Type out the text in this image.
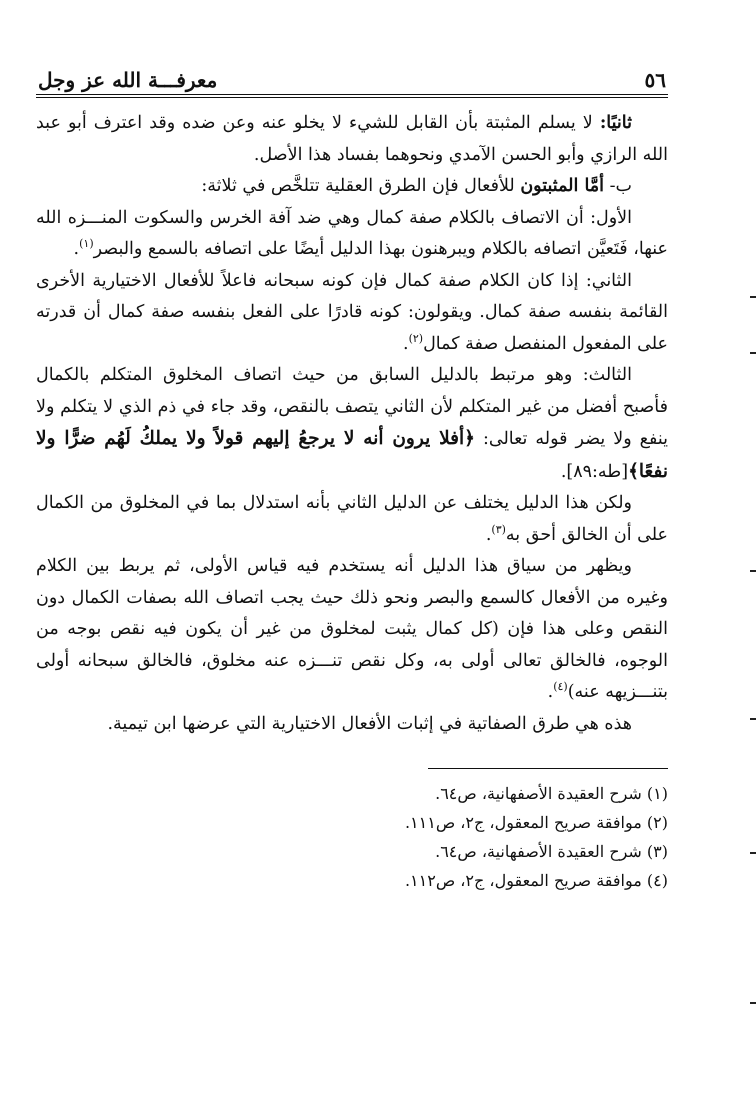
٥٦
معرفـــة الله عز وجل

ثانيًا: لا يسلم المثبتة بأن القابل للشيء لا يخلو عنه وعن ضده وقد اعترف أبو عبد الله الرازي وأبو الحسن الآمدي ونحوهما بفساد هذا الأصل.

ب- أمَّا المثبتون للأفعال فإن الطرق العقلية تتلخَّص في ثلاثة:

الأول: أن الاتصاف بالكلام صفة كمال وهي ضد آفة الخرس والسكوت المنـــزه الله عنها، فَتَعيَّن اتصافه بالكلام ويبرهنون بهذا الدليل أيضًا على اتصافه بالسمع والبصر$^{(١)}$.

الثاني: إذا كان الكلام صفة كمال فإن كونه سبحانه فاعلاً للأفعال الاختيارية الأخرى القائمة بنفسه صفة كمال. ويقولون: كونه قادرًا على الفعل بنفسه صفة كمال أن قدرته على المفعول المنفصل صفة كمال$^{(٢)}$.

الثالث: وهو مرتبط بالدليل السابق من حيث اتصاف المخلوق المتكلم بالكمال فأصبح أفضل من غير المتكلم لأن الثاني يتصف بالنقص، وقد جاء في ذم الذي لا يتكلم ولا ينفع ولا يضر قوله تعالى: ﴿أفلا يرون أنه لا يرجعُ إليهم قولاً ولا يملكُ لَهُم ضرًّا ولا نفعًا﴾[طه:٨٩].

ولكن هذا الدليل يختلف عن الدليل الثاني بأنه استدلال بما في المخلوق من الكمال على أن الخالق أحق به$^{(٣)}$.

ويظهر من سياق هذا الدليل أنه يستخدم فيه قياس الأولى، ثم يربط بين الكلام وغيره من الأفعال كالسمع والبصر ونحو ذلك حيث يجب اتصاف الله بصفات الكمال دون النقص وعلى هذا فإن (كل كمال يثبت لمخلوق من غير أن يكون فيه نقص بوجه من الوجوه، فالخالق تعالى أولى به، وكل نقص تنـــزه عنه مخلوق، فالخالق سبحانه أولى بتنـــزيهه عنه)$^{(٤)}$.

هذه هي طرق الصفاتية في إثبات الأفعال الاختيارية التي عرضها ابن تيمية.

(١) شرح العقيدة الأصفهانية، ص٦٤.

(٢) موافقة صريح المعقول، ج٢، ص١١١.

(٣) شرح العقيدة الأصفهانية، ص٦٤.

(٤) موافقة صريح المعقول، ج٢، ص١١٢.
